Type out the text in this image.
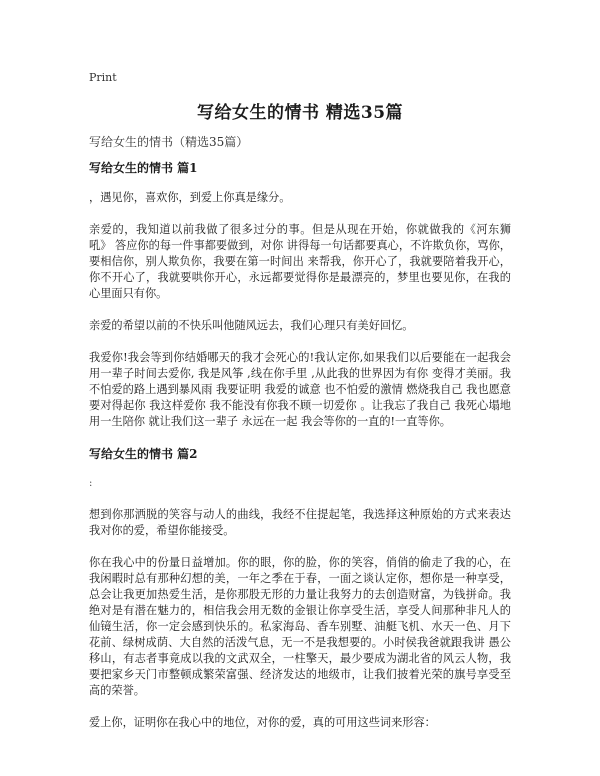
Print
写给女生的情书 精选35篇
写给女生的情书（精选35篇）
写给女生的情书 篇1

，遇见你，喜欢你，到爱上你真是缘分。

亲爱的，我知道以前我做了很多过分的事。但是从现在开始，你就做我的《河东狮吼》 答应你的每一件事都要做到，对你 讲得每一句话都要真心，不许欺负你，骂你，要相信你，别人欺负你，我要在第一时间出 来帮我，你开心了，我就要陪着我开心，你不开心了，我就要哄你开心，永远都要觉得你是最漂亮的，梦里也要见你，在我的心里面只有你。

亲爱的希望以前的不快乐叫他随风远去，我们心理只有美好回忆。

我爱你!我会等到你结婚哪天的我才会死心的!我认定你,如果我们以后要能在一起我会用一辈子时间去爱你, 我是风筝 ,线在你手里 ,从此我的世界因为有你 变得才美丽。我不怕爱的路上遇到暴风雨 我要证明 我爱的诚意 也不怕爱的激情 燃烧我自己 我也愿意 要对得起你 我这样爱你 我不能没有你我不顾一切爱你 。让我忘了我自己 我死心塌地 用一生陪你 就让我们这一辈子 永远在一起 我会等你的一直的!一直等你。

写给女生的情书 篇2

:

想到你那洒脱的笑容与动人的曲线，我经不住提起笔，我选择这种原始的方式来表达我对你的爱，希望你能接受。

你在我心中的份量日益增加。你的眼，你的脸，你的笑容，俏俏的偷走了我的心，在我闲暇时总有那种幻想的美，一年之季在于春，一面之谈认定你，想你是一种享受，总会让我更加热爱生活，是你那股无形的力量让我努力的去创造财富，为钱拼命。我绝对是有潜在魅力的，相信我会用无数的金银让你享受生活，享受人间那种非凡人的仙镜生活，你一定会感到快乐的。私家海岛、香车别墅、油艇飞机、水天一色、月下花前、绿树成荫、大自然的活泼气息，无一不是我想要的。小时侯我爸就跟我讲 愚公移山，有志者事竟成以我的文武双全，一柱擎天，最少要成为湖北省的风云人物，我要把家乡天门市整顿成繁荣富强、经济发达的地级市，让我们披着光荣的旗号享受至高的荣誉。

爱上你，证明你在我心中的地位，对你的爱，真的可用这些词来形容：
